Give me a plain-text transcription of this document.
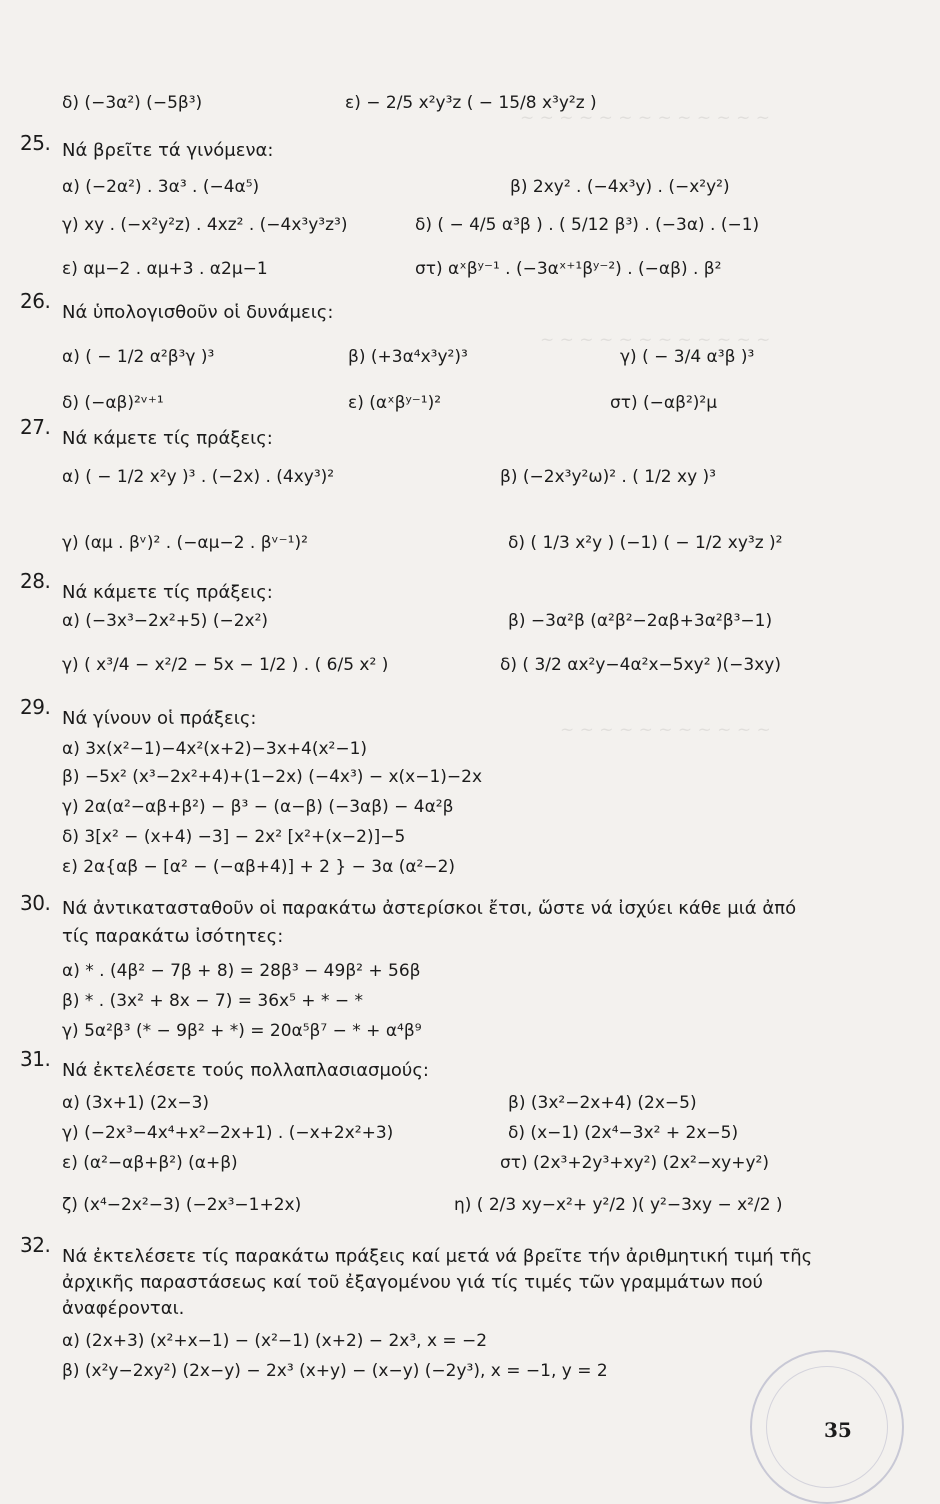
~ ~ ~ ~ ~ ~ ~ ~ ~ ~ ~ ~ ~
~ ~ ~ ~ ~ ~ ~ ~ ~ ~ ~ ~
~ ~ ~ ~ ~ ~ ~ ~ ~ ~ ~
δ) (−3α²) (−5β³)	ε) − 2/5 x²y³z ( − 15/8 x³y²z )
25. Νά βρεῖτε τά γινόμενα:
α) (−2α²) . 3α³ . (−4α⁵)	β) 2xy² . (−4x³y) . (−x²y²)
γ) xy . (−x²y²z) . 4xz² . (−4x³y³z³)	δ) ( − 4/5 α³β ) . ( 5/12 β³) . (−3α) . (−1)
ε) αμ−2 . αμ+3 . α2μ−1	στ) αˣβʸ⁻¹ . (−3αˣ⁺¹βʸ⁻²) . (−αβ) . β²
26. Νά ὑπολογισθοῦν οἱ δυνάμεις:
α) ( − 1/2 α²β³γ )³	β) (+3α⁴x³y²)³	γ) ( − 3/4 α³β )³
δ) (−αβ)²ᵛ⁺¹	ε) (αˣβʸ⁻¹)²	στ) (−αβ²)²μ
27. Νά κάμετε τίς πράξεις:
α) ( − 1/2 x²y )³ . (−2x) . (4xy³)²	β) (−2x³y²ω)² . ( 1/2 xy )³
γ) (αμ . βᵛ)² . (−αμ−2 . βᵛ⁻¹)²	δ) ( 1/3 x²y ) (−1) ( − 1/2 xy³z )²
28. Νά κάμετε τίς πράξεις:
α) (−3x³−2x²+5) (−2x²)	β) −3α²β (α²β²−2αβ+3α²β³−1)
γ) ( x³/4 − x²/2 − 5x − 1/2 ) . ( 6/5 x² )	δ) ( 3/2 αx²y−4α²x−5xy² )(−3xy)
29. Νά γίνουν οἱ πράξεις:
α) 3x(x²−1)−4x²(x+2)−3x+4(x²−1)
β) −5x² (x³−2x²+4)+(1−2x) (−4x³) − x(x−1)−2x
γ) 2α(α²−αβ+β²) − β³ − (α−β) (−3αβ) − 4α²β
δ) 3[x² − (x+4) −3] − 2x² [x²+(x−2)]−5
ε) 2α{αβ − [α² − (−αβ+4)] + 2 } − 3α (α²−2)
30. Νά ἀντικατασταθοῦν οἱ παρακάτω ἀστερίσκοι ἔτσι, ὥστε νά ἰσχύει κάθε μιά ἀπό
τίς παρακάτω ἰσότητες:
α) * . (4β² − 7β + 8) = 28β³ − 49β² + 56β
β) * . (3x² + 8x − 7) = 36x⁵ + * − *
γ) 5α²β³ (* − 9β² + *) = 20α⁵β⁷ − * + α⁴β⁹
31. Νά ἐκτελέσετε τούς πολλαπλασιασμούς:
α) (3x+1) (2x−3)	β) (3x²−2x+4) (2x−5)
γ) (−2x³−4x⁴+x²−2x+1) . (−x+2x²+3)	δ) (x−1) (2x⁴−3x² + 2x−5)
ε) (α²−αβ+β²) (α+β)	στ) (2x³+2y³+xy²) (2x²−xy+y²)
ζ) (x⁴−2x²−3) (−2x³−1+2x)	η) ( 2/3 xy−x²+ y²/2 )( y²−3xy − x²/2 )
32. Νά ἐκτελέσετε τίς παρακάτω πράξεις καί μετά νά βρεῖτε τήν ἀριθμητική τιμή τῆς
ἀρχικῆς παραστάσεως καί τοῦ ἐξαγομένου γιά τίς τιμές τῶν γραμμάτων πού
ἀναφέρονται.
α) (2x+3) (x²+x−1) − (x²−1) (x+2) − 2x³, x = −2
β) (x²y−2xy²) (2x−y) − 2x³ (x+y) − (x−y) (−2y³), x = −1, y = 2
35
